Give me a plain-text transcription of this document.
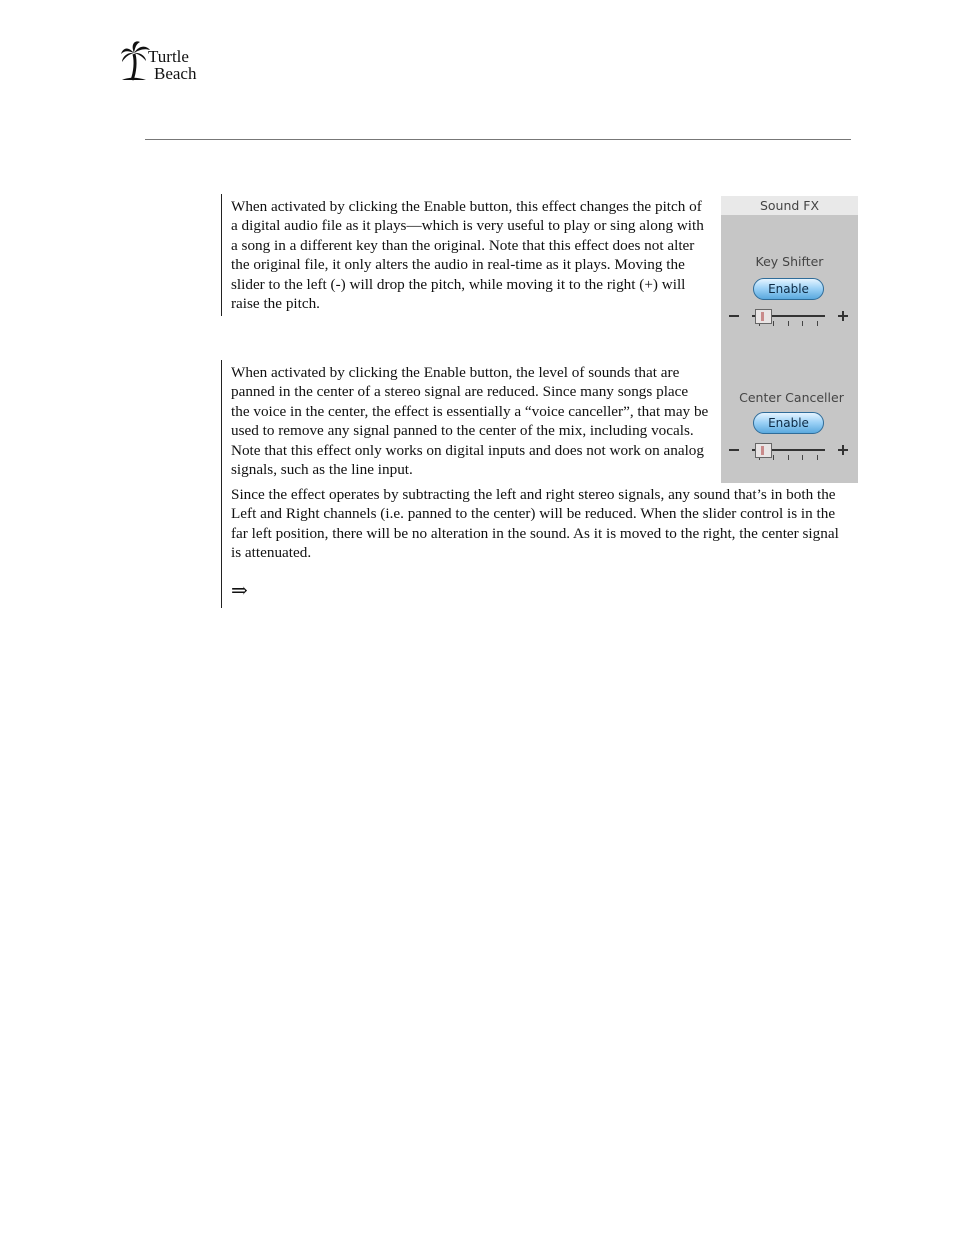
Turtle
Beach

When activated by clicking the Enable button, this effect changes the pitch of a digital audio file as it plays—which is very useful to play or sing along with a song in a different key than the original. Note that this effect does not alter the original file, it only alters the audio in real-time as it plays. Moving the slider to the left (-) will drop the pitch, while moving it to the right (+) will raise the pitch.

When activated by clicking the Enable button, the level of sounds that are panned in the center of a stereo signal are reduced. Since many songs place the voice in the center, the effect is essentially a “voice canceller”, that may be used to remove any signal panned to the center of the mix, including vocals. Note that this effect only works on digital inputs and does not work on analog signals, such as the line input.

Since the effect operates by subtracting the left and right stereo signals, any sound that’s in both the Left and Right channels (i.e. panned to the center) will be reduced. When the slider control is in the far left position, there will be no alteration in the sound. As it is moved to the right, the center signal is attenuated.

⇒
Sound FX
Key Shifter
Enable
Center Canceller
Enable
